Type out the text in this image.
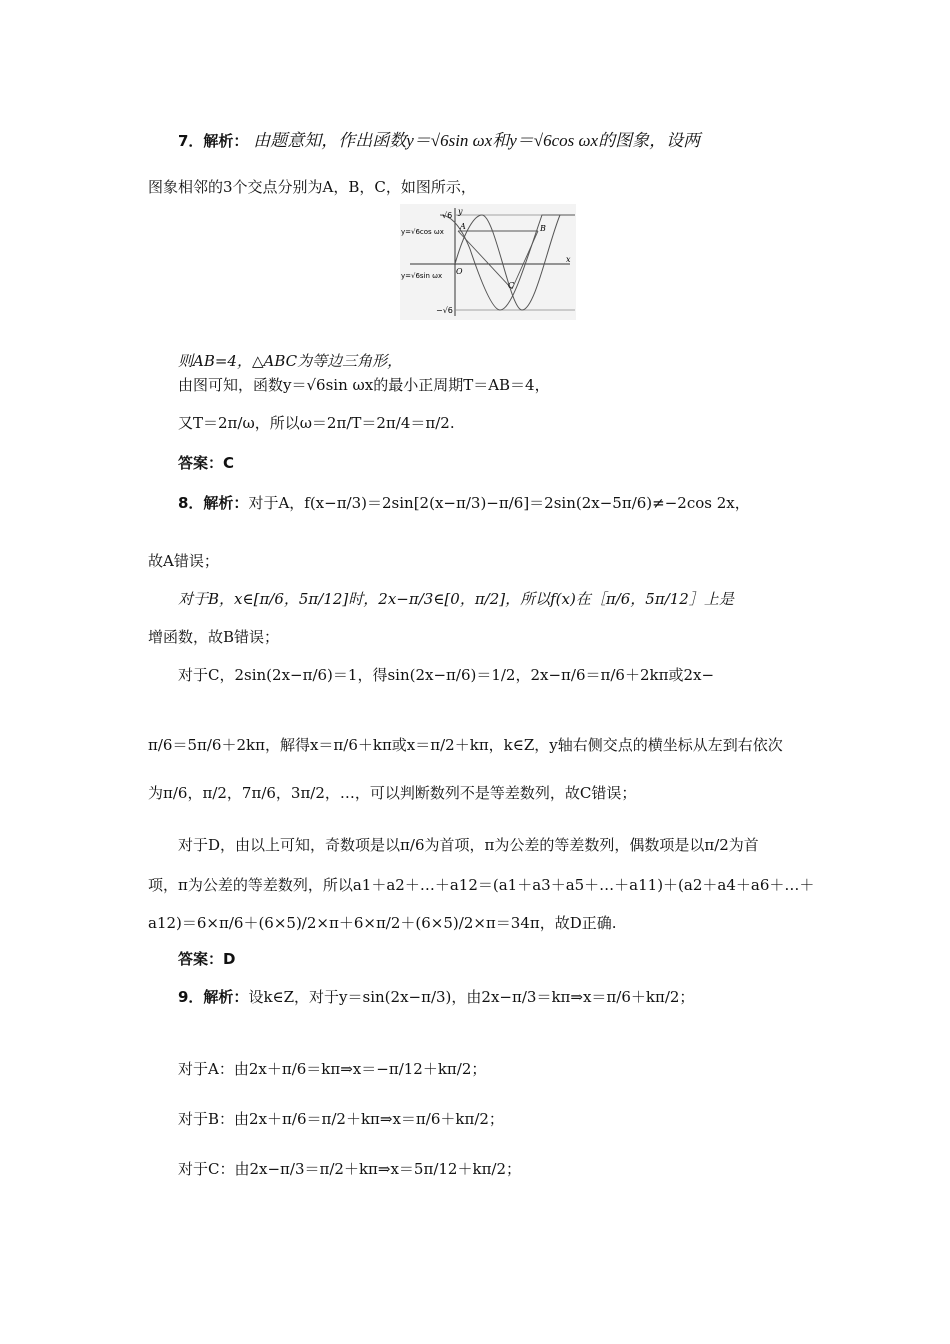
7．解析： 由题意知，作出函数y＝√6sin ωx和y＝√6cos ωx的图象，设两
图象相邻的3个交点分别为A，B，C，如图所示，
√6
−√6
y=√6cos ωx
y=√6sin ωx
y
x
O
A	B
C
则AB=4，△ABC为等边三角形，
由图可知，函数y＝√6sin ωx的最小正周期T＝AB＝4，
又T＝2π/ω，所以ω＝2π/T＝2π/4＝π/2.
答案：C
8．解析：对于A，f(x−π/3)＝2sin[2(x−π/3)−π/6]＝2sin(2x−5π/6)≠−2cos 2x，
故A错误；
对于B，x∈[π/6，5π/12]时，2x−π/3∈[0，π/2]，所以f(x)在［π/6，5π/12］上是
增函数，故B错误；
对于C，2sin(2x−π/6)＝1，得sin(2x−π/6)＝1/2，2x−π/6＝π/6＋2kπ或2x−
π/6＝5π/6＋2kπ，解得x＝π/6＋kπ或x＝π/2＋kπ，k∈Z，y轴右侧交点的横坐标从左到右依次
为π/6，π/2，7π/6，3π/2，…，可以判断数列不是等差数列，故C错误；
对于D，由以上可知，奇数项是以π/6为首项，π为公差的等差数列，偶数项是以π/2为首
项，π为公差的等差数列，所以a1＋a2＋…＋a12＝(a1＋a3＋a5＋…＋a11)＋(a2＋a4＋a6＋…＋
a12)＝6×π/6＋(6×5)/2×π＋6×π/2＋(6×5)/2×π＝34π，故D正确.
答案：D
9．解析：设k∈Z，对于y＝sin(2x−π/3)，由2x−π/3＝kπ⇒x＝π/6＋kπ/2；
对于A：由2x＋π/6＝kπ⇒x＝−π/12＋kπ/2；
对于B：由2x＋π/6＝π/2＋kπ⇒x＝π/6＋kπ/2；
对于C：由2x−π/3＝π/2＋kπ⇒x＝5π/12＋kπ/2；
